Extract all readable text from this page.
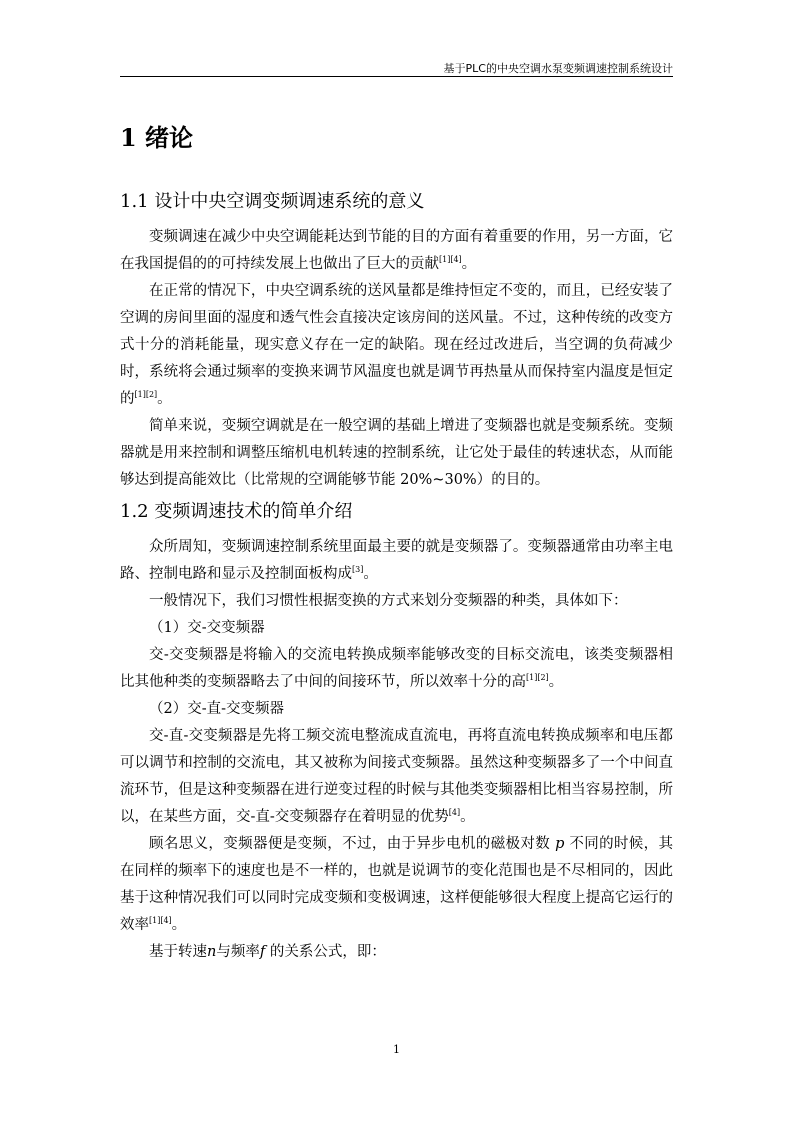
基于PLC的中央空调水泵变频调速控制系统设计
1 绪论
1.1 设计中央空调变频调速系统的意义

变频调速在减少中央空调能耗达到节能的目的方面有着重要的作用，另一方面，它在我国提倡的的可持续发展上也做出了巨大的贡献[1][4]。

在正常的情况下，中央空调系统的送风量都是维持恒定不变的，而且，已经安装了空调的房间里面的湿度和透气性会直接决定该房间的送风量。不过，这种传统的改变方式十分的消耗能量，现实意义存在一定的缺陷。现在经过改进后，当空调的负荷减少时，系统将会通过频率的变换来调节风温度也就是调节再热量从而保持室内温度是恒定的[1][2]。

简单来说，变频空调就是在一般空调的基础上增进了变频器也就是变频系统。变频器就是用来控制和调整压缩机电机转速的控制系统，让它处于最佳的转速状态，从而能够达到提高能效比（比常规的空调能够节能 20%~30%）的目的。

1.2 变频调速技术的简单介绍

众所周知，变频调速控制系统里面最主要的就是变频器了。变频器通常由功率主电路、控制电路和显示及控制面板构成[3]。

一般情况下，我们习惯性根据变换的方式来划分变频器的种类，具体如下：

（1）交-交变频器

交-交变频器是将输入的交流电转换成频率能够改变的目标交流电，该类变频器相比其他种类的变频器略去了中间的间接环节，所以效率十分的高[1][2]。

（2）交-直-交变频器

交-直-交变频器是先将工频交流电整流成直流电，再将直流电转换成频率和电压都可以调节和控制的交流电，其又被称为间接式变频器。虽然这种变频器多了一个中间直流环节，但是这种变频器在进行逆变过程的时候与其他类变频器相比相当容易控制，所以，在某些方面，交-直-交变频器存在着明显的优势[4]。

顾名思义，变频器便是变频，不过，由于异步电机的磁极对数 p 不同的时候，其在同样的频率下的速度也是不一样的，也就是说调节的变化范围也是不尽相同的，因此基于这种情况我们可以同时完成变频和变极调速，这样便能够很大程度上提高它运行的效率[1][4]。

基于转速n与频率f 的关系公式，即：

1
